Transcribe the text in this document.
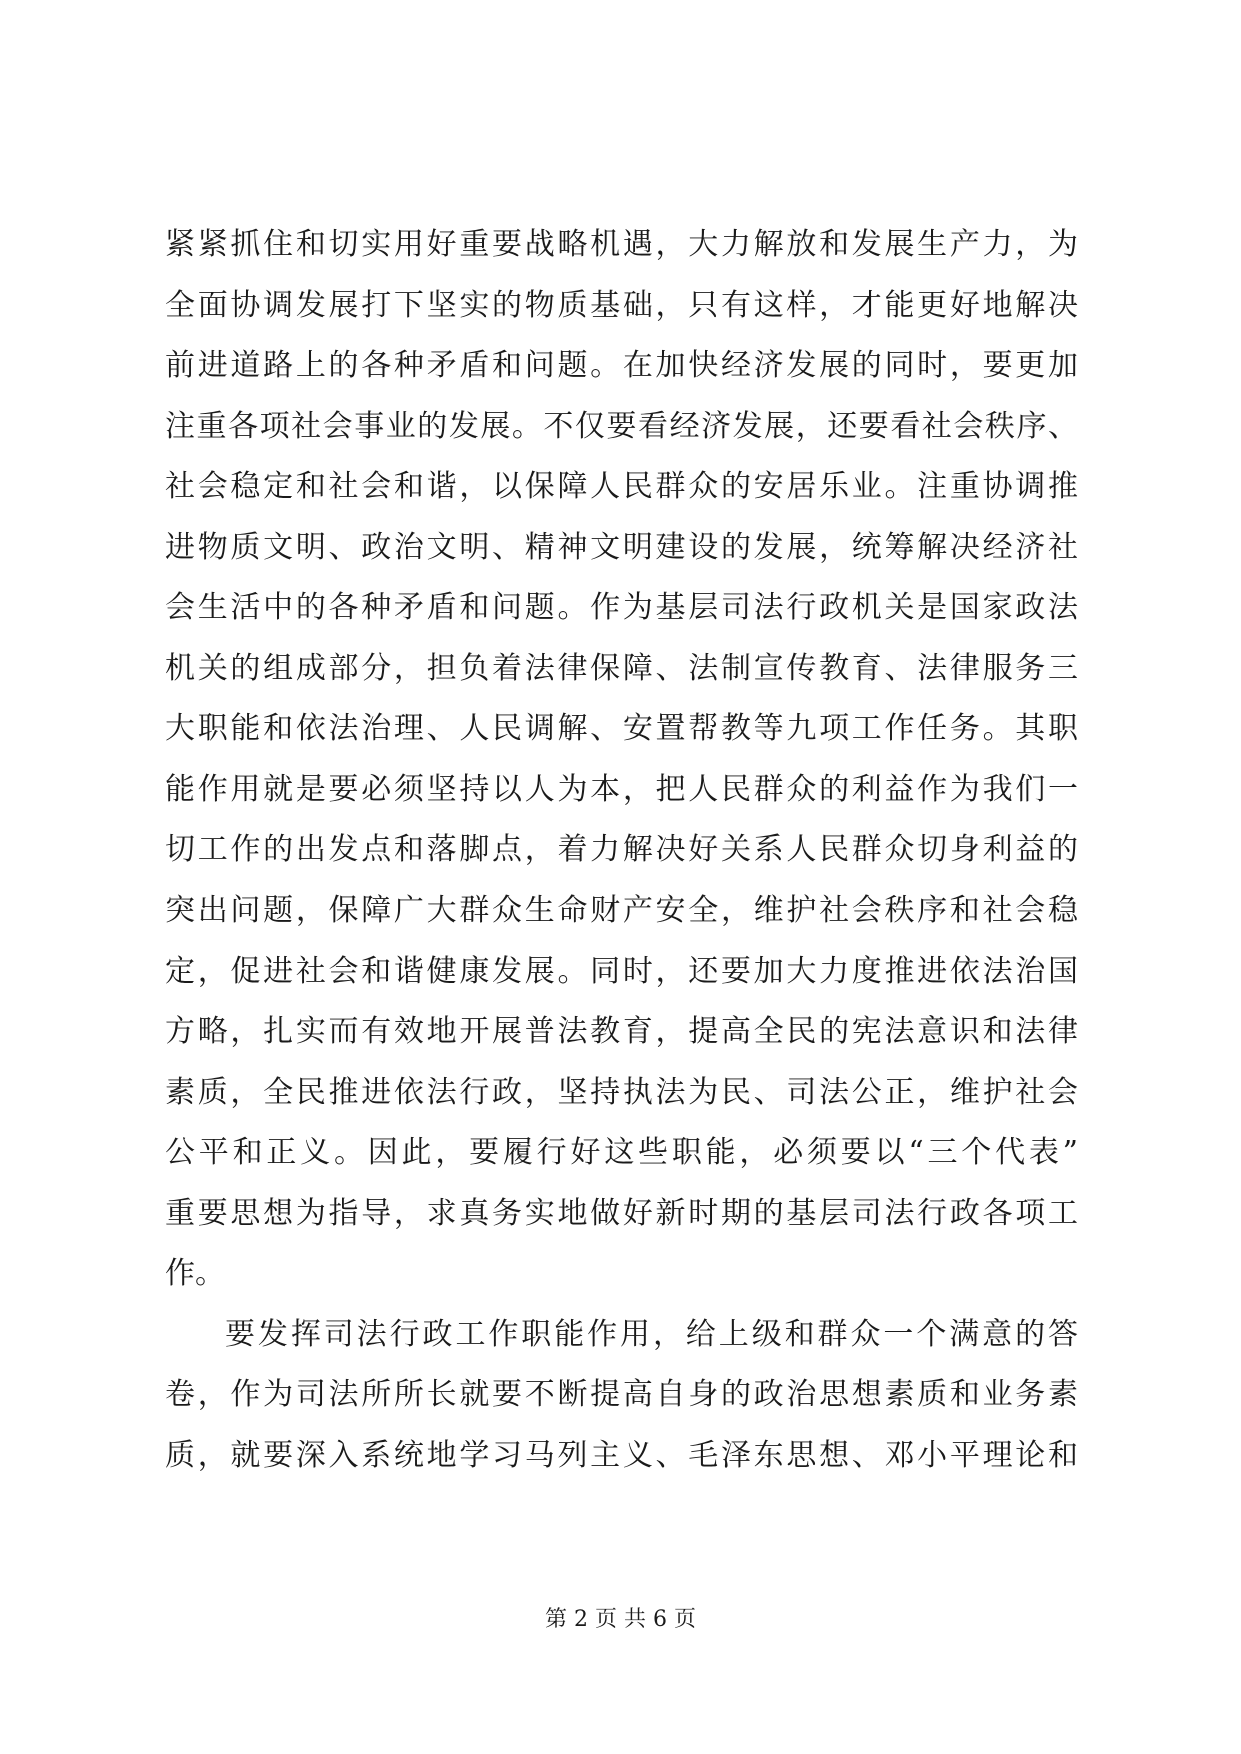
紧紧抓住和切实用好重要战略机遇，大力解放和发展生产力，为
全面协调发展打下坚实的物质基础，只有这样，才能更好地解决
前进道路上的各种矛盾和问题。在加快经济发展的同时，要更加
注重各项社会事业的发展。不仅要看经济发展，还要看社会秩序、
社会稳定和社会和谐，以保障人民群众的安居乐业。注重协调推
进物质文明、政治文明、精神文明建设的发展，统筹解决经济社
会生活中的各种矛盾和问题。作为基层司法行政机关是国家政法
机关的组成部分，担负着法律保障、法制宣传教育、法律服务三
大职能和依法治理、人民调解、安置帮教等九项工作任务。其职
能作用就是要必须坚持以人为本，把人民群众的利益作为我们一
切工作的出发点和落脚点，着力解决好关系人民群众切身利益的
突出问题，保障广大群众生命财产安全，维护社会秩序和社会稳
定，促进社会和谐健康发展。同时，还要加大力度推进依法治国
方略，扎实而有效地开展普法教育，提高全民的宪法意识和法律
素质，全民推进依法行政，坚持执法为民、司法公正，维护社会
公平和正义。因此，要履行好这些职能，必须要以“三个代表”
重要思想为指导，求真务实地做好新时期的基层司法行政各项工
作。
要发挥司法行政工作职能作用，给上级和群众一个满意的答
卷，作为司法所所长就要不断提高自身的政治思想素质和业务素
质，就要深入系统地学习马列主义、毛泽东思想、邓小平理论和
第 2 页 共 6 页
